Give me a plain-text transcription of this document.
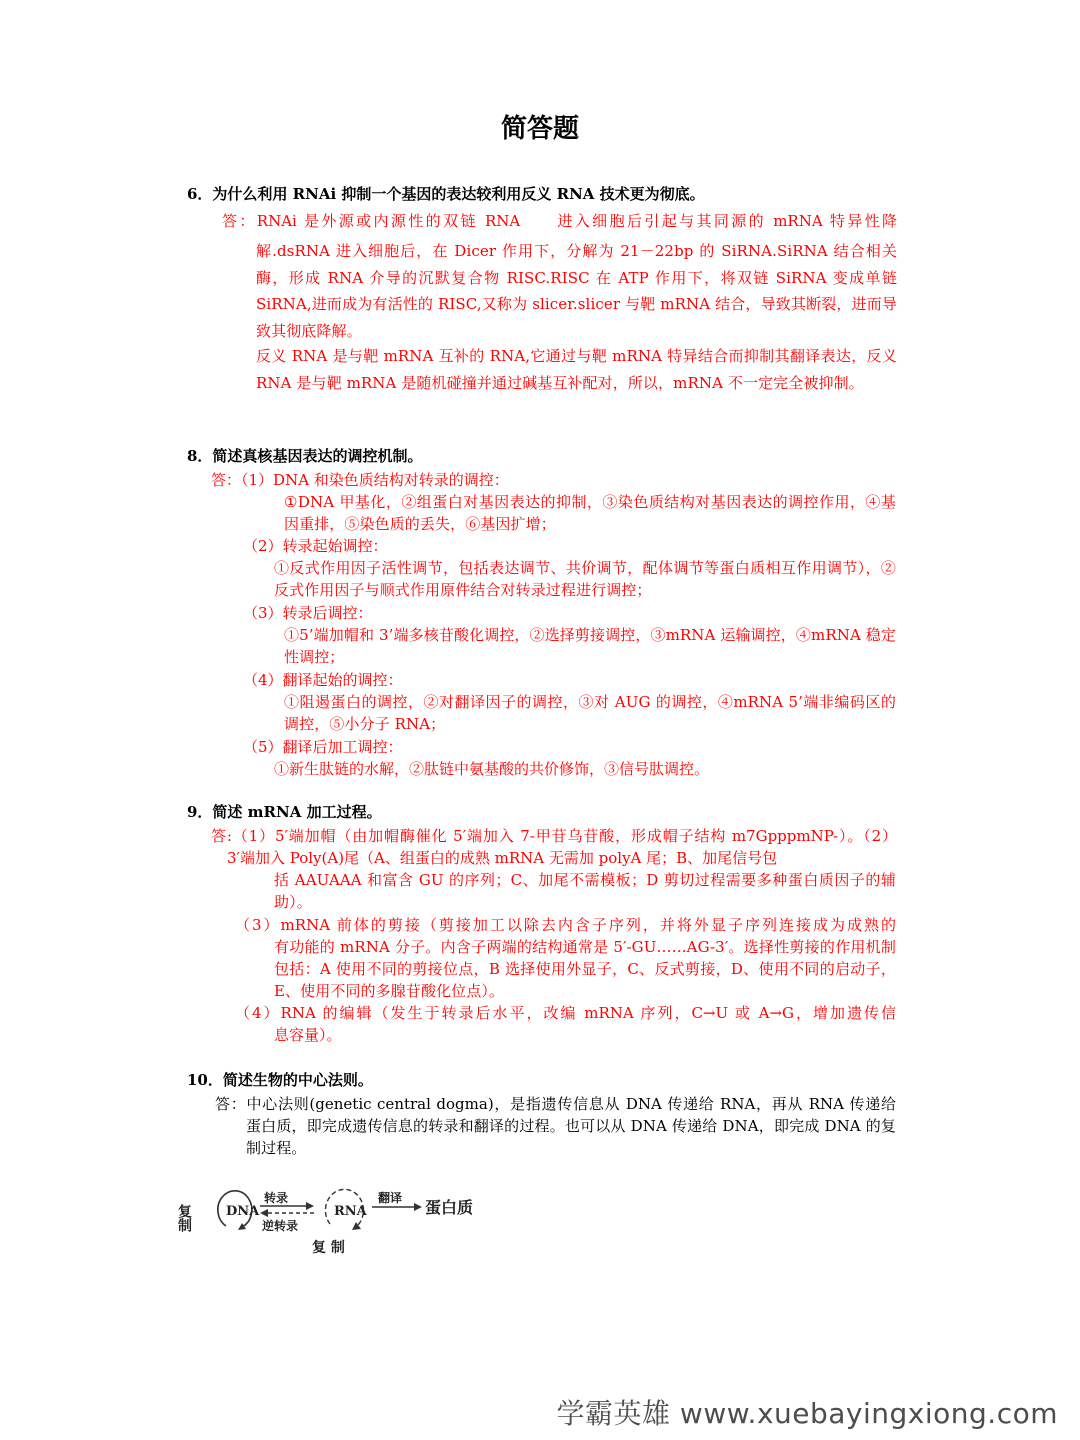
简答题
6．为什么利用 RNAi 抑制一个基因的表达较利用反义 RNA 技术更为彻底。
答：RNAi 是外源或内源性的双链 RNA　　进入细胞后引起与其同源的 mRNA 特异性降
解.dsRNA 进入细胞后，在 Dicer 作用下，分解为 21－22bp 的 SiRNA.SiRNA 结合相关酶，形成 RNA 介导的沉默复合物 RISC.RISC 在 ATP 作用下，将双链 SiRNA 变成单链 SiRNA,进而成为有活性的 RISC,又称为 slicer.slicer 与靶 mRNA 结合，导致其断裂，进而导致其彻底降解。
反义 RNA 是与靶 mRNA 互补的 RNA,它通过与靶 mRNA 特异结合而抑制其翻译表达，反义 RNA 是与靶 mRNA 是随机碰撞并通过碱基互补配对，所以，mRNA 不一定完全被抑制。
8．简述真核基因表达的调控机制。
答：（1）DNA 和染色质结构对转录的调控：
①DNA 甲基化，②组蛋白对基因表达的抑制，③染色质结构对基因表达的调控作用，④基因重排，⑤染色质的丢失，⑥基因扩增；
（2）转录起始调控：
①反式作用因子活性调节，包括表达调节、共价调节，配体调节等蛋白质相互作用调节），②反式作用因子与顺式作用原件结合对转录过程进行调控；
（3）转录后调控：
①5’端加帽和 3’端多核苷酸化调控，②选择剪接调控，③mRNA 运输调控，④mRNA 稳定性调控；
（4）翻译起始的调控：
①阻遏蛋白的调控，②对翻译因子的调控，③对 AUG 的调控，④mRNA 5’端非编码区的调控，⑤小分子 RNA；
（5）翻译后加工调控：
①新生肽链的水解，②肽链中氨基酸的共价修饰，③信号肽调控。
9．简述 mRNA 加工过程。
答:（1）5′端加帽（由加帽酶催化 5′端加入 7-甲苷乌苷酸，形成帽子结构 m7GpppmNP-）。（2）
3′端加入 Poly(A)尾（A、组蛋白的成熟 mRNA 无需加 polyA 尾；B、加尾信号包
括 AAUAAA 和富含 GU 的序列；C、加尾不需模板；D 剪切过程需要多种蛋白质因子的辅助）。
（3）mRNA 前体的剪接（剪接加工以除去内含子序列，并将外显子序列连接成为成熟的
有功能的 mRNA 分子。内含子两端的结构通常是 5′-GU……AG-3′。选择性剪接的作用机制包括：A 使用不同的剪接位点，B 选择使用外显子，C、反式剪接，D、使用不同的启动子，E、使用不同的多腺苷酸化位点）。
（4）RNA 的编辑（发生于转录后水平，改编 mRNA 序列，C→U 或 A→G，增加遗传信
息容量）。
10．简述生物的中心法则。
答：中心法则(genetic central dogma)，是指遗传信息从 DNA 传递给 RNA，再从 RNA 传递给
蛋白质，即完成遗传信息的转录和翻译的过程。也可以从 DNA 传递给 DNA，即完成 DNA 的复制过程。
复制	DNA
转录
逆转录
RNA
翻译 蛋白质
复 制
学霸英雄 www.xuebayingxiong.com
